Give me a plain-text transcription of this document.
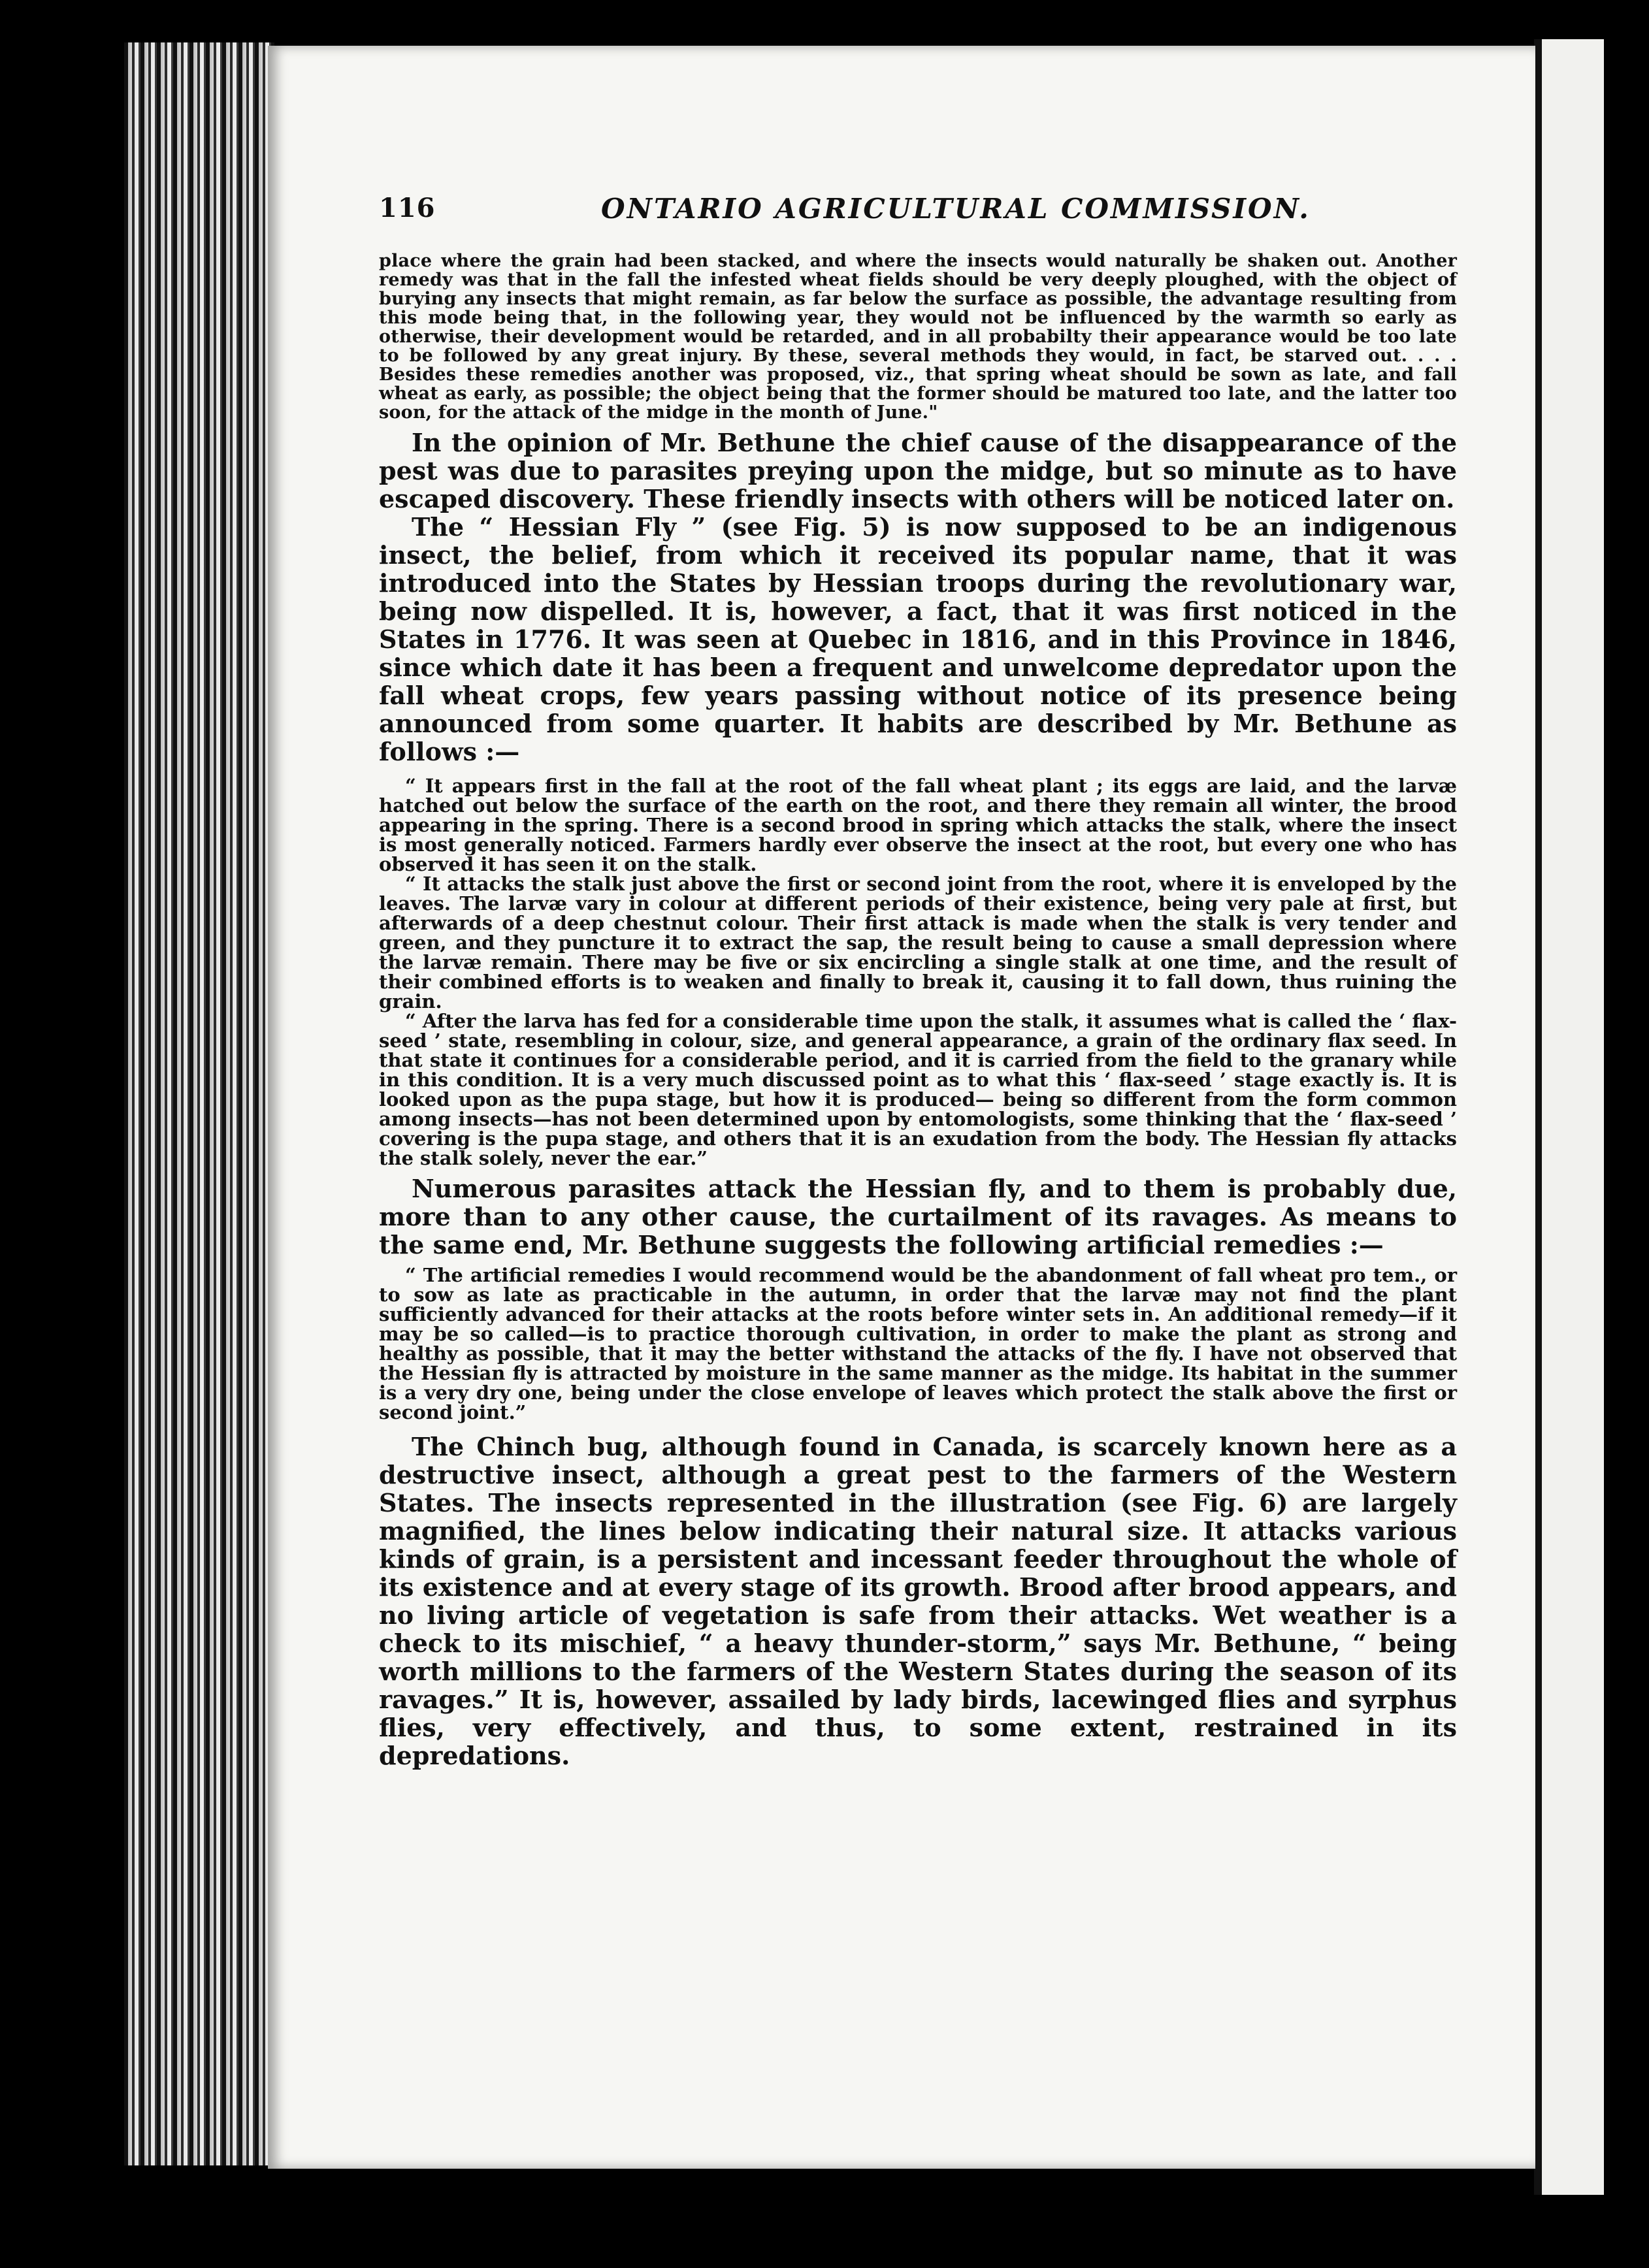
116	ONTARIO AGRICULTURAL COMMISSION.

place where the grain had been stacked, and where the insects would naturally be shaken out. Another remedy was that in the fall the infested wheat fields should be very deeply ploughed, with the object of burying any insects that might remain, as far below the surface as possible, the advantage resulting from this mode being that, in the following year, they would not be influenced by the warmth so early as otherwise, their development would be retarded, and in all probabilty their appearance would be too late to be followed by any great injury. By these, several methods they would, in fact, be starved out. . . . Besides these remedies another was proposed, viz., that spring wheat should be sown as late, and fall wheat as early, as possible; the object being that the former should be matured too late, and the latter too soon, for the attack of the midge in the month of June."

In the opinion of Mr. Bethune the chief cause of the disappearance of the pest was due to parasites preying upon the midge, but so minute as to have escaped discovery. These friendly insects with others will be noticed later on.

The “ Hessian Fly ” (see Fig. 5) is now supposed to be an indigenous insect, the belief, from which it received its popular name, that it was introduced into the States by Hessian troops during the revolutionary war, being now dispelled. It is, however, a fact, that it was first noticed in the States in 1776. It was seen at Quebec in 1816, and in this Province in 1846, since which date it has been a frequent and unwelcome depredator upon the fall wheat crops, few years passing without notice of its presence being announced from some quarter. It habits are described by Mr. Bethune as follows :—

“ It appears first in the fall at the root of the fall wheat plant ; its eggs are laid, and the larvæ hatched out below the surface of the earth on the root, and there they remain all winter, the brood appearing in the spring. There is a second brood in spring which attacks the stalk, where the insect is most generally noticed. Farmers hardly ever observe the insect at the root, but every one who has observed it has seen it on the stalk.

“ It attacks the stalk just above the first or second joint from the root, where it is enveloped by the leaves. The larvæ vary in colour at different periods of their existence, being very pale at first, but afterwards of a deep chestnut colour. Their first attack is made when the stalk is very tender and green, and they puncture it to extract the sap, the result being to cause a small depression where the larvæ remain. There may be five or six encircling a single stalk at one time, and the result of their combined efforts is to weaken and finally to break it, causing it to fall down, thus ruining the grain.

“ After the larva has fed for a considerable time upon the stalk, it assumes what is called the ‘ flax-seed ’ state, resembling in colour, size, and general appearance, a grain of the ordinary flax seed. In that state it continues for a considerable period, and it is carried from the field to the granary while in this condition. It is a very much discussed point as to what this ‘ flax-seed ’ stage exactly is. It is looked upon as the pupa stage, but how it is produced— being so different from the form common among insects—has not been determined upon by entomologists, some thinking that the ‘ flax-seed ’ covering is the pupa stage, and others that it is an exudation from the body. The Hessian fly attacks the stalk solely, never the ear.”

Numerous parasites attack the Hessian fly, and to them is probably due, more than to any other cause, the curtailment of its ravages. As means to the same end, Mr. Bethune suggests the following artificial remedies :—

“ The artificial remedies I would recommend would be the abandonment of fall wheat pro tem., or to sow as late as practicable in the autumn, in order that the larvæ may not find the plant sufficiently advanced for their attacks at the roots before winter sets in. An additional remedy—if it may be so called—is to practice thorough cultivation, in order to make the plant as strong and healthy as possible, that it may the better withstand the attacks of the fly. I have not observed that the Hessian fly is attracted by moisture in the same manner as the midge. Its habitat in the summer is a very dry one, being under the close envelope of leaves which protect the stalk above the first or second joint.”

The Chinch bug, although found in Canada, is scarcely known here as a destructive insect, although a great pest to the farmers of the Western States. The insects represented in the illustration (see Fig. 6) are largely magnified, the lines below indicating their natural size. It attacks various kinds of grain, is a persistent and incessant feeder throughout the whole of its existence and at every stage of its growth. Brood after brood appears, and no living article of vegetation is safe from their attacks. Wet weather is a check to its mischief, “ a heavy thunder-storm,” says Mr. Bethune, “ being worth millions to the farmers of the Western States during the season of its ravages.” It is, however, assailed by lady birds, lacewinged flies and syrphus flies, very effectively, and thus, to some extent, restrained in its depredations.
